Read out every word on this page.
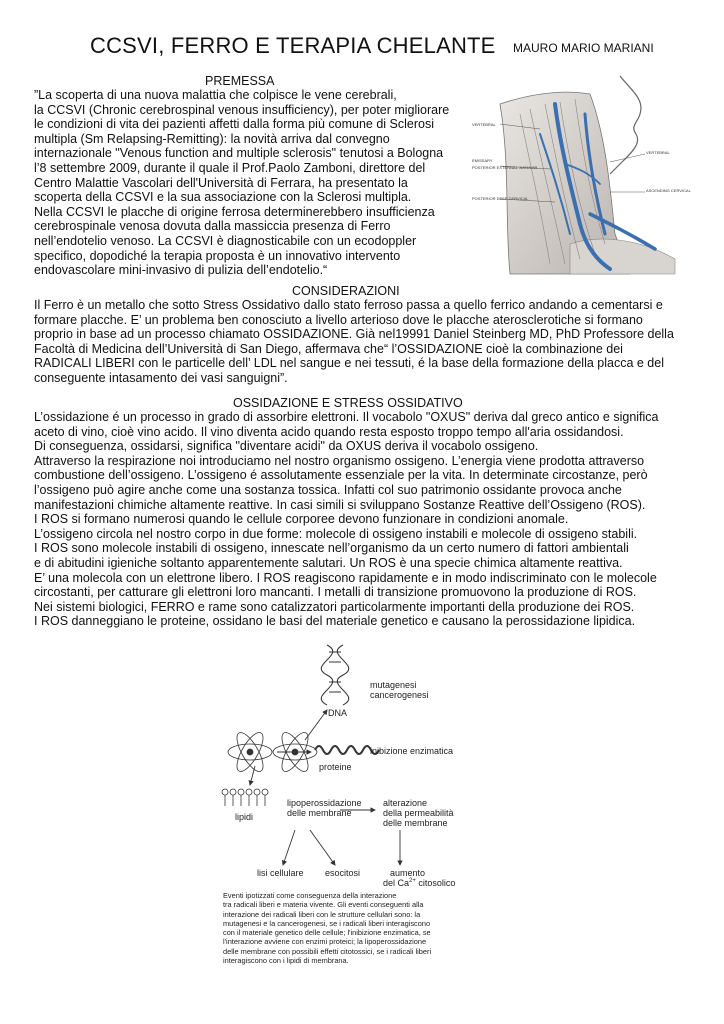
CCSVI, FERRO E TERAPIA CHELANTE MAURO MARIO MARIANI
PREMESSA
”La scoperta di una nuova malattia che colpisce le vene cerebrali,
la CCSVI (Chronic cerebrospinal venous insufficiency), per poter migliorare
le condizioni di vita dei pazienti affetti dalla forma più comune di Sclerosi
multipla (Sm Relapsing-Remitting): la novità arriva dal convegno
internazionale "Venous function and multiple sclerosis" tenutosi a Bologna
l’8 settembre 2009, durante il quale il Prof.Paolo Zamboni, direttore del
Centro Malattie Vascolari dell'Università di Ferrara, ha presentato la
scoperta della CCSVI e la sua associazione con la Sclerosi multipla.
Nella CCSVI le placche di origine ferrosa determinerebbero insufficienza
cerebrospinale venosa dovuta dalla massiccia presenza di Ferro
nell’endotelio venoso. La CCSVI è diagnosticabile con un ecodoppler
specifico, dopodiché la terapia proposta è un innovativo intervento
endovascolare mini-invasivo di pulizia dell’endotelio.“
VERTEBRAL
EMISSARY
POSTERIOR EXTERNAL JUGULAR
POSTERIOR DEEP CERVICAL
VERTEBRAL
ASCENDING CERVICAL
CONSIDERAZIONI
Il Ferro è un metallo che sotto Stress Ossidativo dallo stato ferroso passa a quello ferrico andando a cementarsi e
formare placche. E’ un problema ben conosciuto a livello arterioso dove le placche aterosclerotiche si formano
proprio in base ad un processo chiamato OSSIDAZIONE. Già nel19991 Daniel Steinberg MD, PhD Professore della
Facoltà di Medicina dell’Università di San Diego, affermava che“ l’OSSIDAZIONE cioè la combinazione dei
RADICALI LIBERI con le particelle dell’ LDL nel sangue e nei tessuti, é la base della formazione della placca e del
conseguente intasamento dei vasi sanguigni”.
OSSIDAZIONE E STRESS OSSIDATIVO
L’ossidazione é un processo in grado di assorbire elettroni. Il vocabolo "OXUS" deriva dal greco antico e significa
aceto di vino, cioè vino acido. Il vino diventa acido quando resta esposto troppo tempo all'aria ossidandosi.
Di conseguenza, ossidarsi, significa "diventare acidi" da OXUS deriva il vocabolo ossigeno.
Attraverso la respirazione noi introduciamo nel nostro organismo ossigeno. L’energia viene prodotta attraverso
combustione dell’ossigeno. L’ossigeno é assolutamente essenziale per la vita. In determinate circostanze, però
l’ossigeno può agire anche come una sostanza tossica. Infatti col suo patrimonio ossidante provoca anche
manifestazioni chimiche altamente reattive. In casi simili si sviluppano Sostanze Reattive dell’Ossigeno (ROS).
I ROS si formano numerosi quando le cellule corporee devono funzionare in condizioni anomale.
L’ossigeno circola nel nostro corpo in due forme: molecole di ossigeno instabili e molecole di ossigeno stabili.
I ROS sono molecole instabili di ossigeno, innescate nell’organismo da un certo numero di fattori ambientali
e di abitudini igieniche soltanto apparentemente salutari. Un ROS è una specie chimica altamente reattiva.
E’ una molecola con un elettrone libero. I ROS reagiscono rapidamente e in modo indiscriminato con le molecole
circostanti, per catturare gli elettroni loro mancanti. I metalli di transizione promuovono la produzione di ROS.
Nei sistemi biologici, FERRO e rame sono catalizzatori particolarmente importanti della produzione dei ROS.
I ROS danneggiano le proteine, ossidano le basi del materiale genetico e causano la perossidazione lipidica.
mutagenesi
cancerogenesi
DNA
inibizione enzimatica
proteine
lipoperossidazione
delle membrane
alterazione
della permeabilità
delle membrane
lipidi
lisi cellulare esocitosi	aumento
del $Ca^{2+}$ citosolico
Eventi ipotizzati come conseguenza della interazione
tra radicali liberi e materia vivente. Gli eventi conseguenti alla
interazione dei radicali liberi con le strutture cellulari sono: la
mutagenesi e la cancerogenesi, se i radicali liberi interagiscono
con il materiale genetico delle cellule; l'inibizione enzimatica, se
l'interazione avviene con enzimi proteici; la lipoperossidazione
delle membrane con possibili effetti citotossici, se i radicali liberi
interagiscono con i lipidi di membrana.
